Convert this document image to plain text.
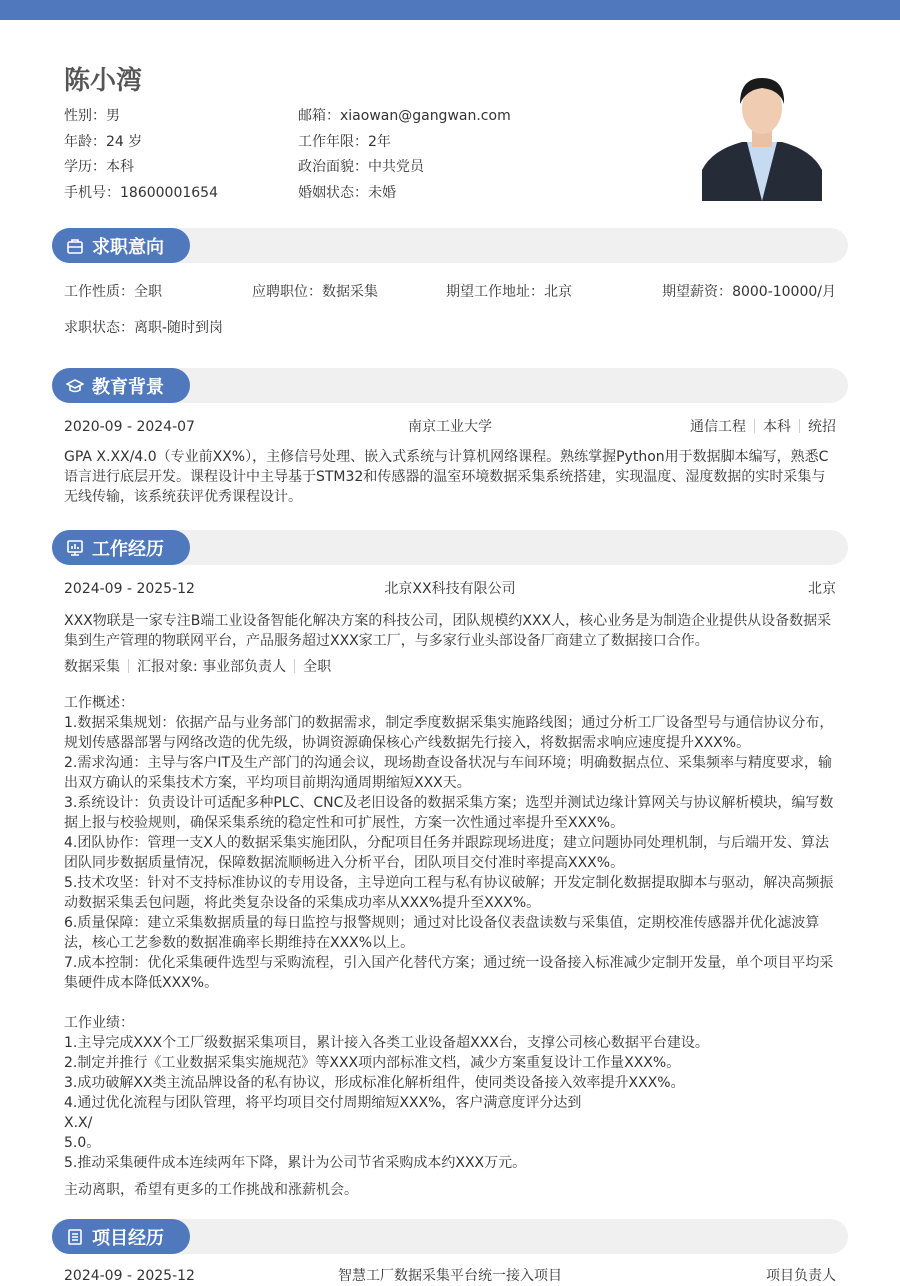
陈小湾
性别：男	邮箱：xiaowan@gangwan.com
年龄：24 岁	工作年限：2年
学历：本科	政治面貌：中共党员
手机号：18600001654	婚姻状态：未婚
求职意向
工作性质：全职	应聘职位：数据采集	期望工作地址：北京	期望薪资：8000-10000/月
求职状态：离职-随时到岗
教育背景
2020-09 - 2024-07	南京工业大学	通信工程 本科 统招
GPA X.XX/4.0（专业前XX%），主修信号处理、嵌入式系统与计算机网络课程。熟练掌握Python用于数据脚本编写，熟悉C语言进行底层开发。课程设计中主导基于STM32和传感器的温室环境数据采集系统搭建，实现温度、湿度数据的实时采集与无线传输，该系统获评优秀课程设计。
工作经历
2024-09 - 2025-12	北京XX科技有限公司	北京
XXX物联是一家专注B端工业设备智能化解决方案的科技公司，团队规模约XXX人，核心业务是为制造企业提供从设备数据采集到生产管理的物联网平台，产品服务超过XXX家工厂，与多家行业头部设备厂商建立了数据接口合作。
数据采集 汇报对象: 事业部负责人 全职
工作概述：
1.数据采集规划：依据产品与业务部门的数据需求，制定季度数据采集实施路线图；通过分析工厂设备型号与通信协议分布，规划传感器部署与网络改造的优先级，协调资源确保核心产线数据先行接入，将数据需求响应速度提升XXX%。
2.需求沟通：主导与客户IT及生产部门的沟通会议，现场勘查设备状况与车间环境；明确数据点位、采集频率与精度要求，输出双方确认的采集技术方案，平均项目前期沟通周期缩短XXX天。
3.系统设计：负责设计可适配多种PLC、CNC及老旧设备的数据采集方案；选型并测试边缘计算网关与协议解析模块，编写数据上报与校验规则，确保采集系统的稳定性和可扩展性，方案一次性通过率提升至XXX%。
4.团队协作：管理一支X人的数据采集实施团队，分配项目任务并跟踪现场进度；建立问题协同处理机制，与后端开发、算法团队同步数据质量情况，保障数据流顺畅进入分析平台，团队项目交付准时率提高XXX%。
5.技术攻坚：针对不支持标准协议的专用设备，主导逆向工程与私有协议破解；开发定制化数据提取脚本与驱动，解决高频振动数据采集丢包问题，将此类复杂设备的采集成功率从XXX%提升至XXX%。
6.质量保障：建立采集数据质量的每日监控与报警规则；通过对比设备仪表盘读数与采集值，定期校准传感器并优化滤波算法，核心工艺参数的数据准确率长期维持在XXX%以上。
7.成本控制：优化采集硬件选型与采购流程，引入国产化替代方案；通过统一设备接入标准减少定制开发量，单个项目平均采集硬件成本降低XXX%。
工作业绩：
1.主导完成XXX个工厂级数据采集项目，累计接入各类工业设备超XXX台，支撑公司核心数据平台建设。
2.制定并推行《工业数据采集实施规范》等XXX项内部标准文档，减少方案重复设计工作量XXX%。
3.成功破解XX类主流品牌设备的私有协议，形成标准化解析组件，使同类设备接入效率提升XXX%。
4.通过优化流程与团队管理，将平均项目交付周期缩短XXX%，客户满意度评分达到
X.X/
5.0。
5.推动采集硬件成本连续两年下降，累计为公司节省采购成本约XXX万元。
主动离职，希望有更多的工作挑战和涨薪机会。
项目经历
2024-09 - 2025-12	智慧工厂数据采集平台统一接入项目	项目负责人
